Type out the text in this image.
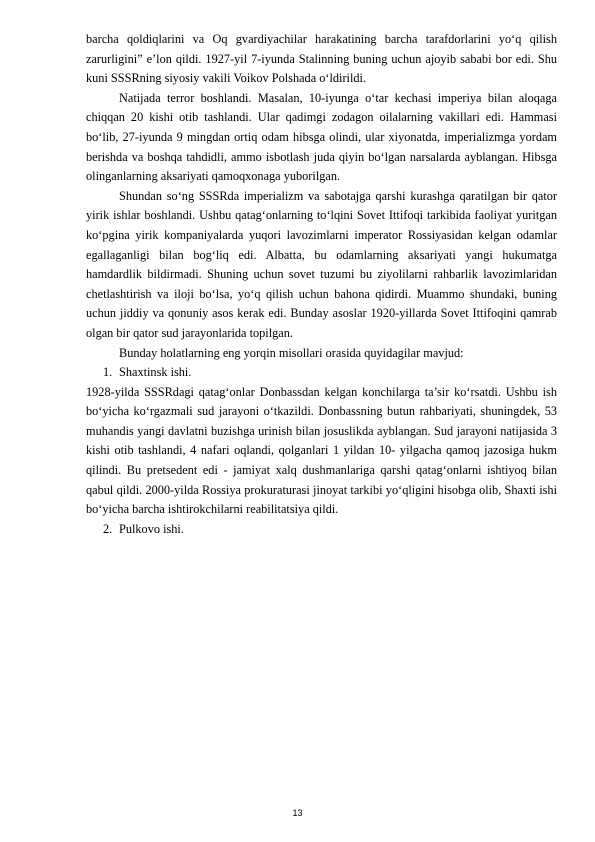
barcha qoldiqlarini va Oq gvardiyachilar harakatining barcha tarafdorlarini yoʻq qilish zarurligini” e’lon qildi. 1927-yil 7-iyunda Stalinning buning uchun ajoyib sababi bor edi. Shu kuni SSSRning siyosiy vakili Voikov Polshada oʻldirildi.

Natijada terror boshlandi. Masalan, 10-iyunga oʻtar kechasi imperiya bilan aloqaga chiqqan 20 kishi otib tashlandi. Ular qadimgi zodagon oilalarning vakillari edi. Hammasi boʻlib, 27-iyunda 9 mingdan ortiq odam hibsga olindi, ular xiyonatda, imperializmga yordam berishda va boshqa tahdidli, ammo isbotlash juda qiyin boʻlgan narsalarda ayblangan. Hibsga olinganlarning aksariyati qamoqxonaga yuborilgan.

Shundan soʻng SSSRda imperializm va sabotajga qarshi kurashga qaratilgan bir qator yirik ishlar boshlandi. Ushbu qatagʻonlarning toʻlqini Sovet Ittifoqi tarkibida faoliyat yuritgan koʻpgina yirik kompaniyalarda yuqori lavozimlarni imperator Rossiyasidan kelgan odamlar egallaganligi bilan bogʻliq edi. Albatta, bu odamlarning aksariyati yangi hukumatga hamdardlik bildirmadi. Shuning uchun sovet tuzumi bu ziyolilarni rahbarlik lavozimlaridan chetlashtirish va iloji boʻlsa, yoʻq qilish uchun bahona qidirdi. Muammo shundaki, buning uchun jiddiy va qonuniy asos kerak edi. Bunday asoslar 1920-yillarda Sovet Ittifoqini qamrab olgan bir qator sud jarayonlarida topilgan.

Bunday holatlarning eng yorqin misollari orasida quyidagilar mavjud:

1. Shaxtinsk ishi.

1928-yilda SSSRdagi qatagʻonlar Donbassdan kelgan konchilarga ta’sir koʻrsatdi. Ushbu ish boʻyicha koʻrgazmali sud jarayoni oʻtkazildi. Donbassning butun rahbariyati, shuningdek, 53 muhandis yangi davlatni buzishga urinish bilan josuslikda ayblangan. Sud jarayoni natijasida 3 kishi otib tashlandi, 4 nafari oqlandi, qolganlari 1 yildan 10- yilgacha qamoq jazosiga hukm qilindi. Bu pretsedent edi - jamiyat xalq dushmanlariga qarshi qatagʻonlarni ishtiyoq bilan qabul qildi. 2000-yilda Rossiya prokuraturasi jinoyat tarkibi yoʻqligini hisobga olib, Shaxti ishi boʻyicha barcha ishtirokchilarni reabilitatsiya qildi.

2. Pulkovo ishi.

13
